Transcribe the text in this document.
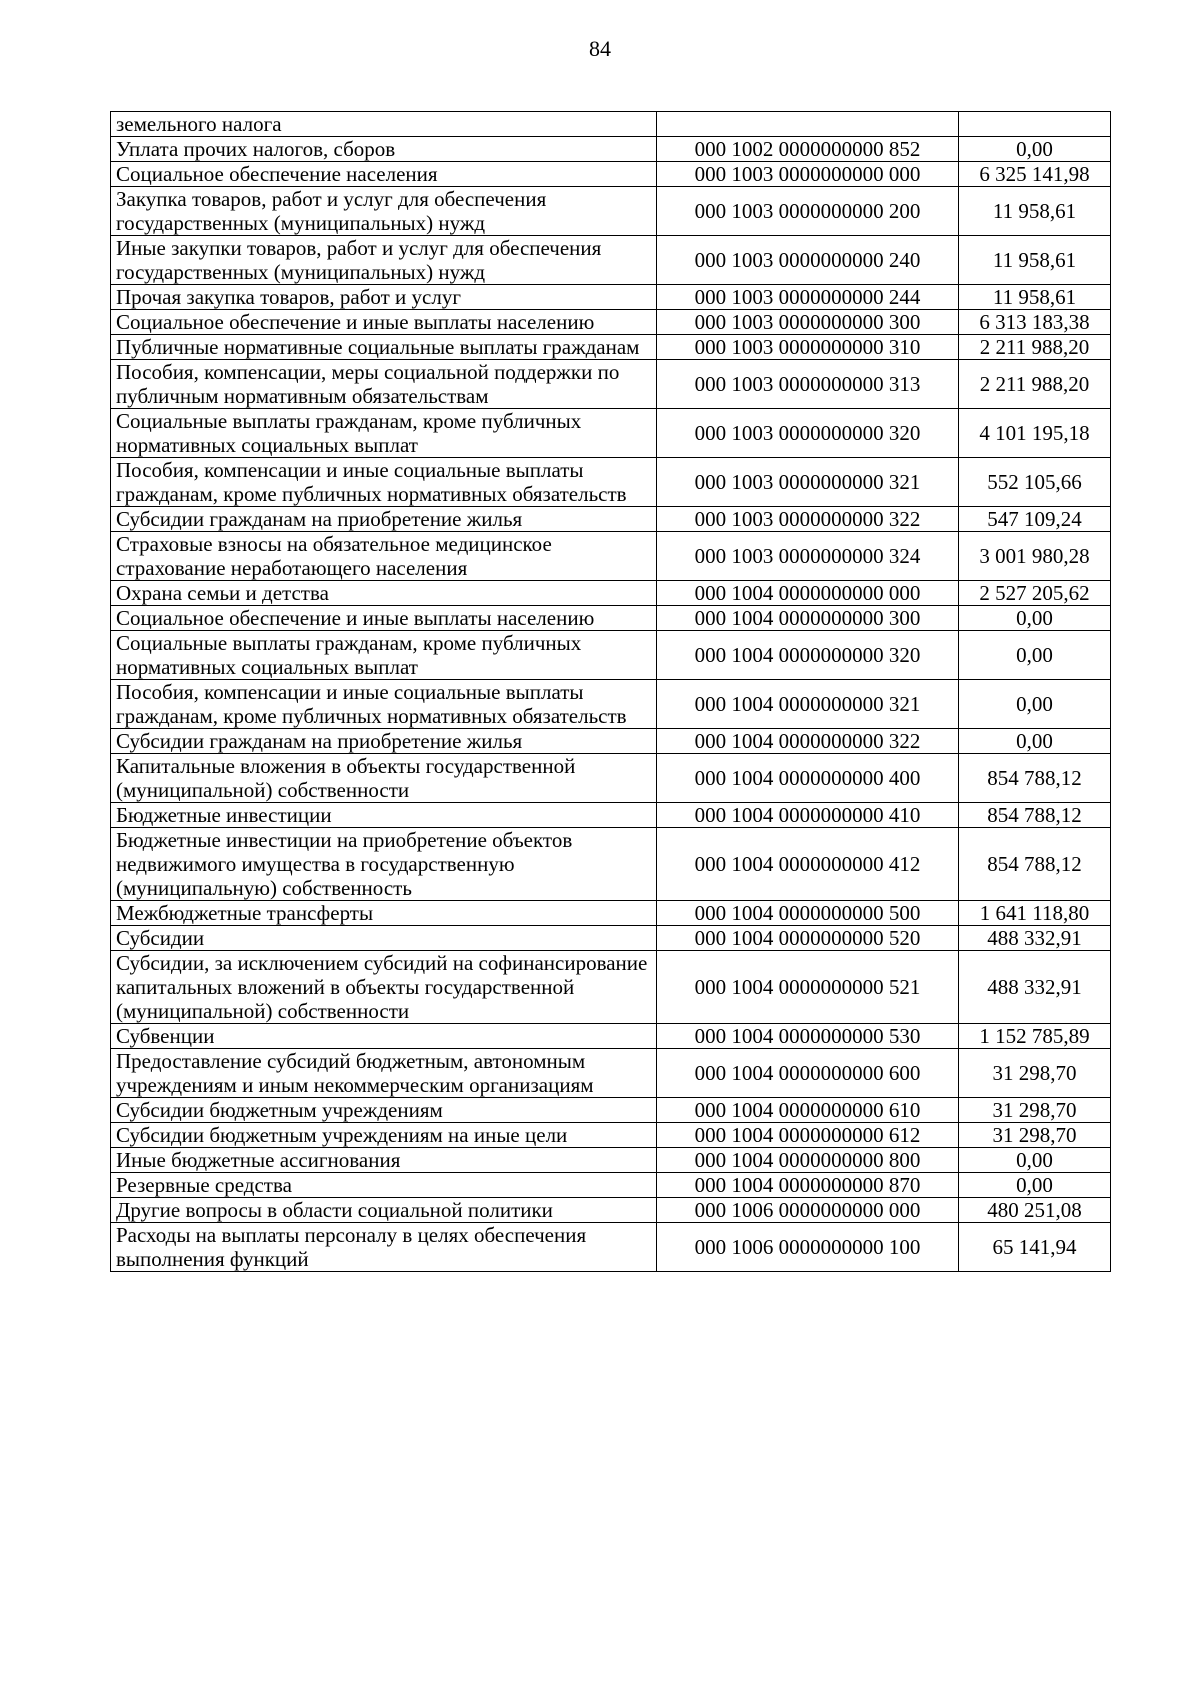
84
земельного налога		
Уплата прочих налогов, сборов	000 1002 0000000000 852	0,00
Социальное обеспечение населения	000 1003 0000000000 000	6 325 141,98
Закупка товаров, работ и услуг для обеспечения государственных (муниципальных) нужд	000 1003 0000000000 200	11 958,61
Иные закупки товаров, работ и услуг для обеспечения государственных (муниципальных) нужд	000 1003 0000000000 240	11 958,61
Прочая закупка товаров, работ и услуг	000 1003 0000000000 244	11 958,61
Социальное обеспечение и иные выплаты населению	000 1003 0000000000 300	6 313 183,38
Публичные нормативные социальные выплаты гражданам	000 1003 0000000000 310	2 211 988,20
Пособия, компенсации, меры социальной поддержки по публичным нормативным обязательствам	000 1003 0000000000 313	2 211 988,20
Социальные выплаты гражданам, кроме публичных нормативных социальных выплат	000 1003 0000000000 320	4 101 195,18
Пособия, компенсации и иные социальные выплаты гражданам, кроме публичных нормативных обязательств	000 1003 0000000000 321	552 105,66
Субсидии гражданам на приобретение жилья	000 1003 0000000000 322	547 109,24
Страховые взносы на обязательное медицинское страхование неработающего населения	000 1003 0000000000 324	3 001 980,28
Охрана семьи и детства	000 1004 0000000000 000	2 527 205,62
Социальное обеспечение и иные выплаты населению	000 1004 0000000000 300	0,00
Социальные выплаты гражданам, кроме публичных нормативных социальных выплат	000 1004 0000000000 320	0,00
Пособия, компенсации и иные социальные выплаты гражданам, кроме публичных нормативных обязательств	000 1004 0000000000 321	0,00
Субсидии гражданам на приобретение жилья	000 1004 0000000000 322	0,00
Капитальные вложения в объекты государственной (муниципальной) собственности	000 1004 0000000000 400	854 788,12
Бюджетные инвестиции	000 1004 0000000000 410	854 788,12
Бюджетные инвестиции на приобретение объектов недвижимого имущества в государственную (муниципальную) собственность	000 1004 0000000000 412	854 788,12
Межбюджетные трансферты	000 1004 0000000000 500	1 641 118,80
Субсидии	000 1004 0000000000 520	488 332,91
Субсидии, за исключением субсидий на софинансирование капитальных вложений в объекты государственной (муниципальной) собственности	000 1004 0000000000 521	488 332,91
Субвенции	000 1004 0000000000 530	1 152 785,89
Предоставление субсидий бюджетным, автономным учреждениям и иным некоммерческим организациям	000 1004 0000000000 600	31 298,70
Субсидии бюджетным учреждениям	000 1004 0000000000 610	31 298,70
Субсидии бюджетным учреждениям на иные цели	000 1004 0000000000 612	31 298,70
Иные бюджетные ассигнования	000 1004 0000000000 800	0,00
Резервные средства	000 1004 0000000000 870	0,00
Другие вопросы в области социальной политики	000 1006 0000000000 000	480 251,08
Расходы на выплаты персоналу в целях обеспечения выполнения функций	000 1006 0000000000 100	65 141,94
